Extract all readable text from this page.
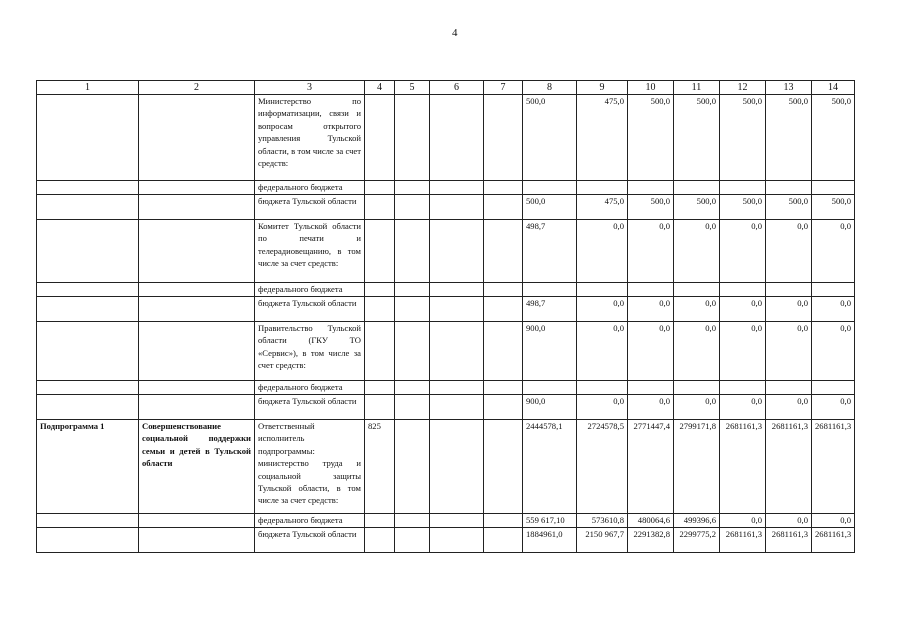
4
1	2	3	4	5	6	7	8	9	10	11	12	13	14
		Министерство по информатизации, связи и вопросам открытого управления Тульской области, в том числе за счет средств:					500,0	475,0	500,0	500,0	500,0	500,0	500,0
		федерального бюджета											
		бюджета Тульской области					500,0	475,0	500,0	500,0	500,0	500,0	500,0
		Комитет Тульской области по печати и телерадиовещанию, в том числе за счет средств:					498,7	0,0	0,0	0,0	0,0	0,0	0,0
		федерального бюджета											
		бюджета Тульской области					498,7	0,0	0,0	0,0	0,0	0,0	0,0
		Правительство Тульской области (ГКУ ТО «Сервис»), в том числе за счет средств:					900,0	0,0	0,0	0,0	0,0	0,0	0,0
		федерального бюджета											
		бюджета Тульской области					900,0	0,0	0,0	0,0	0,0	0,0	0,0
Подпрограмма 1	Совершенствование социальной поддержки семьи и детей в Тульской области	Ответственный исполнитель подпрограммы: министерство труда и социальной защиты Тульской области, в том числе за счет средств:	825				2444578,1	2724578,5	2771447,4	2799171,8	2681161,3	2681161,3	2681161,3
		федерального бюджета					559 617,10	573610,8	480064,6	499396,6	0,0	0,0	0,0
		бюджета Тульской области					1884961,0	2150 967,7	2291382,8	2299775,2	2681161,3	2681161,3	2681161,3
